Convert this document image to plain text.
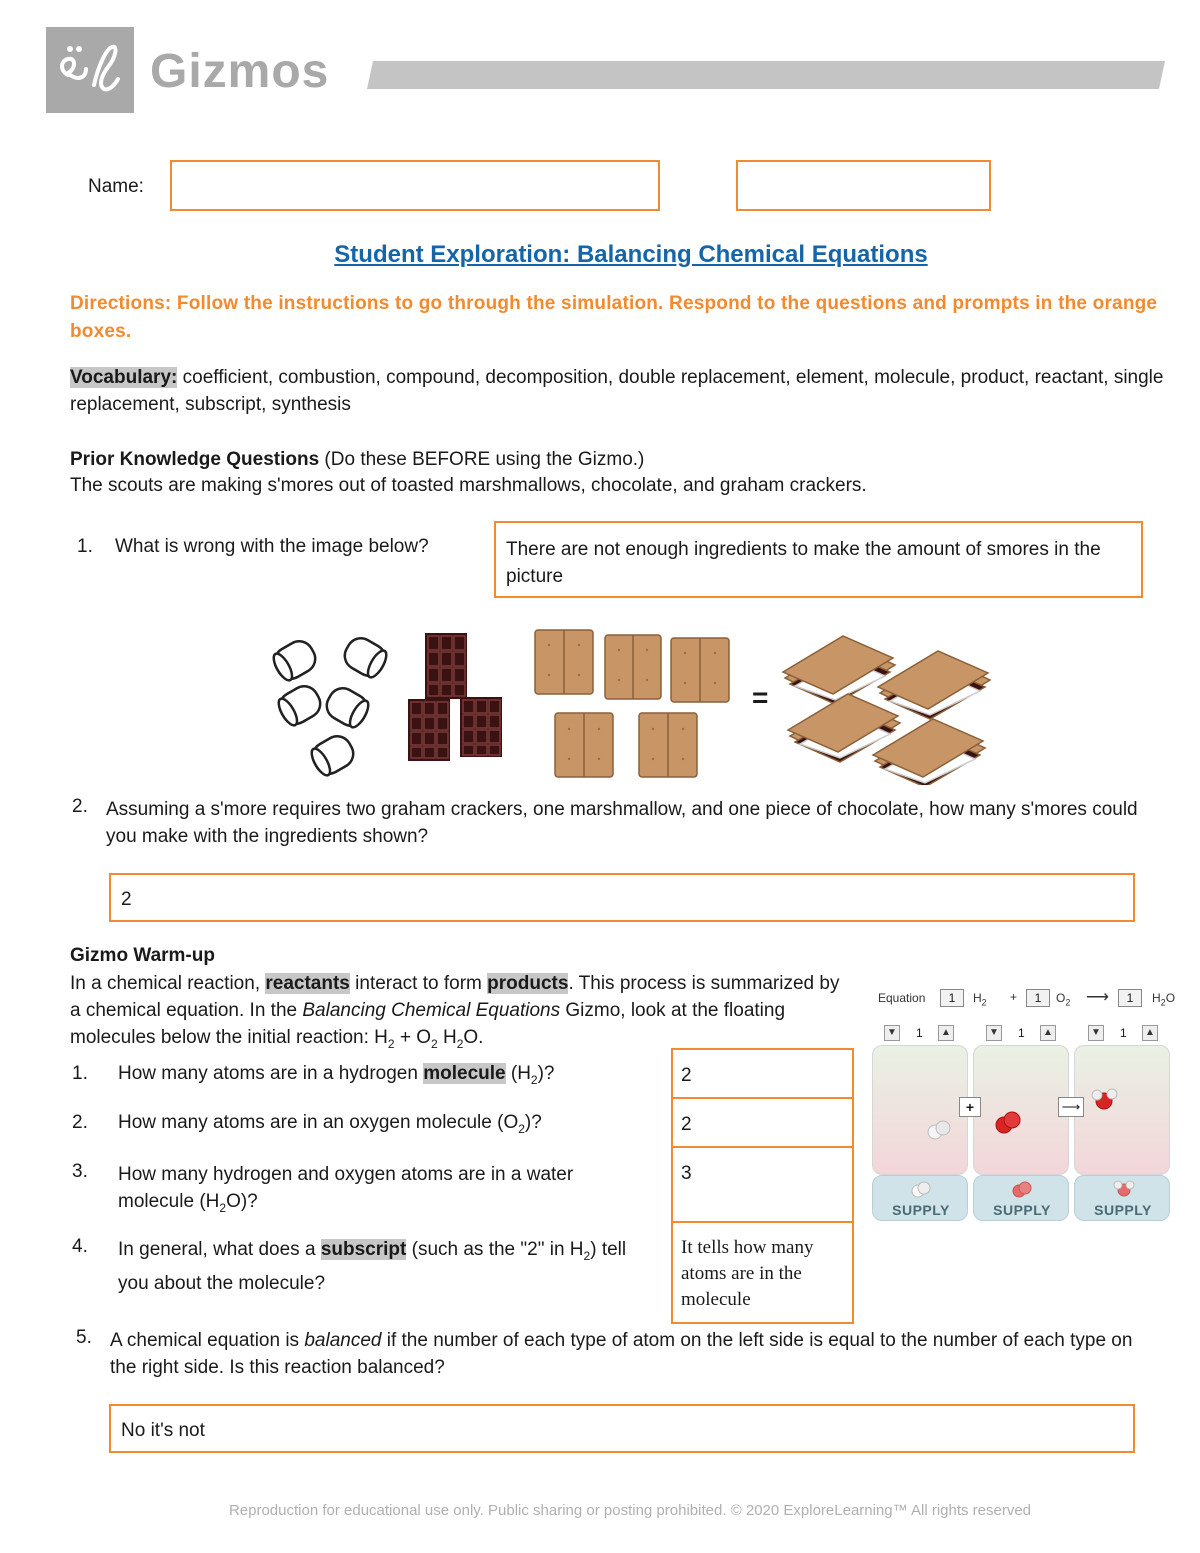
Gizmos
Name:
Student Exploration: Balancing Chemical Equations
Directions: Follow the instructions to go through the simulation. Respond to the questions and prompts in the orange boxes.
Vocabulary: coefficient, combustion, compound, decomposition, double replacement, element, molecule, product, reactant, single replacement, subscript, synthesis
Prior Knowledge Questions (Do these BEFORE using the Gizmo.)
The scouts are making s'mores out of toasted marshmallows, chocolate, and graham crackers.
1. What is wrong with the image below?	There are not enough ingredients to make the amount of smores in the picture
=
2. Assuming a s'more requires two graham crackers, one marshmallow, and one piece of chocolate, how many s'mores could you make with the ingredients shown?
2
Gizmo Warm-up
In a chemical reaction, reactants interact to form products. This process is summarized by a chemical equation. In the Balancing Chemical Equations Gizmo, look at the floating molecules below the initial reaction: $H_2 + O_2$ $H_2O$.
1. How many atoms are in a hydrogen molecule $(H_2)$?
2. How many atoms are in an oxygen molecule $(O_2)$?
3. How many hydrogen and oxygen atoms are in a water molecule $(H_2O)$?
4. In general, what does a subscript (such as the "2" in $H_2$) tell you about the molecule?
2
2
3
It tells how many atoms are in the molecule
Equation	1	$H_2$ +	1	$O_2$ ⟶	1	$H_2O$
▼ 1	▲	▼ 1	▲	▼ 1	▲
+	⟶
SUPPLY	SUPPLY	SUPPLY
5. A chemical equation is balanced if the number of each type of atom on the left side is equal to the number of each type on the right side. Is this reaction balanced?
No it's not
Reproduction for educational use only. Public sharing or posting prohibited. © 2020 ExploreLearning™ All rights reserved
